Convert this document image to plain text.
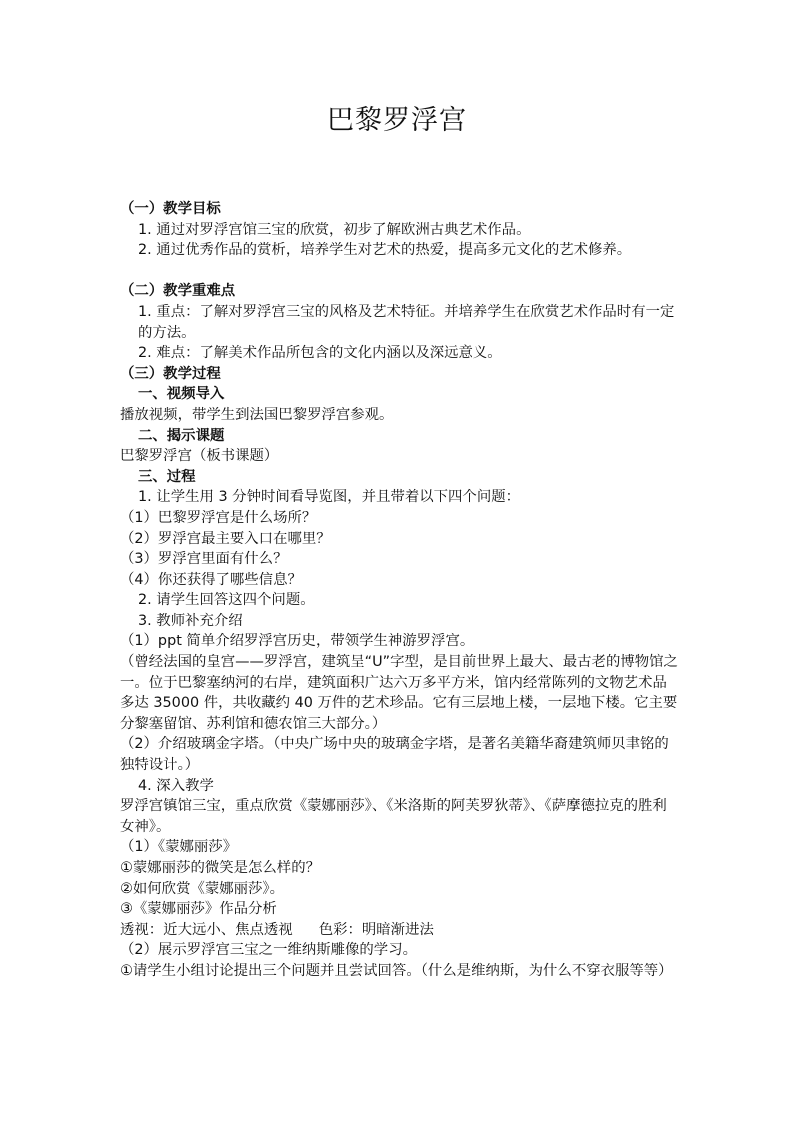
巴黎罗浮宫
（一）教学目标
1. 通过对罗浮宫馆三宝的欣赏，初步了解欧洲古典艺术作品。
2. 通过优秀作品的赏析，培养学生对艺术的热爱，提高多元文化的艺术修养。
（二）教学重难点
1. 重点：了解对罗浮宫三宝的风格及艺术特征。并培养学生在欣赏艺术作品时有一定的方法。
2. 难点：了解美术作品所包含的文化内涵以及深远意义。
（三）教学过程
一、视频导入
播放视频，带学生到法国巴黎罗浮宫参观。
二、揭示课题
巴黎罗浮宫（板书课题）
三、过程
1. 让学生用 3 分钟时间看导览图，并且带着以下四个问题：
（1）巴黎罗浮宫是什么场所？
（2）罗浮宫最主要入口在哪里？
（3）罗浮宫里面有什么？
（4）你还获得了哪些信息？
2. 请学生回答这四个问题。
3. 教师补充介绍
（1）ppt 简单介绍罗浮宫历史，带领学生神游罗浮宫。
（曾经法国的皇宫——罗浮宫，建筑呈“U”字型，是目前世界上最大、最古老的博物馆之一。位于巴黎塞纳河的右岸，建筑面积广达六万多平方米，馆内经常陈列的文物艺术品多达 35000 件，共收藏约 40 万件的艺术珍品。它有三层地上楼，一层地下楼。它主要分黎塞留馆、苏利馆和德农馆三大部分。）
（2）介绍玻璃金字塔。（中央广场中央的玻璃金字塔，是著名美籍华裔建筑师贝聿铭的独特设计。）
4. 深入教学
罗浮宫镇馆三宝，重点欣赏《蒙娜丽莎》、《米洛斯的阿芙罗狄蒂》、《萨摩德拉克的胜利女神》。
（1）《蒙娜丽莎》
①蒙娜丽莎的微笑是怎么样的？
②如何欣赏《蒙娜丽莎》。
③《蒙娜丽莎》作品分析
透视：近大远小、焦点透视 色彩：明暗渐进法
（2）展示罗浮宫三宝之一维纳斯雕像的学习。
①请学生小组讨论提出三个问题并且尝试回答。（什么是维纳斯，为什么不穿衣服等等）
